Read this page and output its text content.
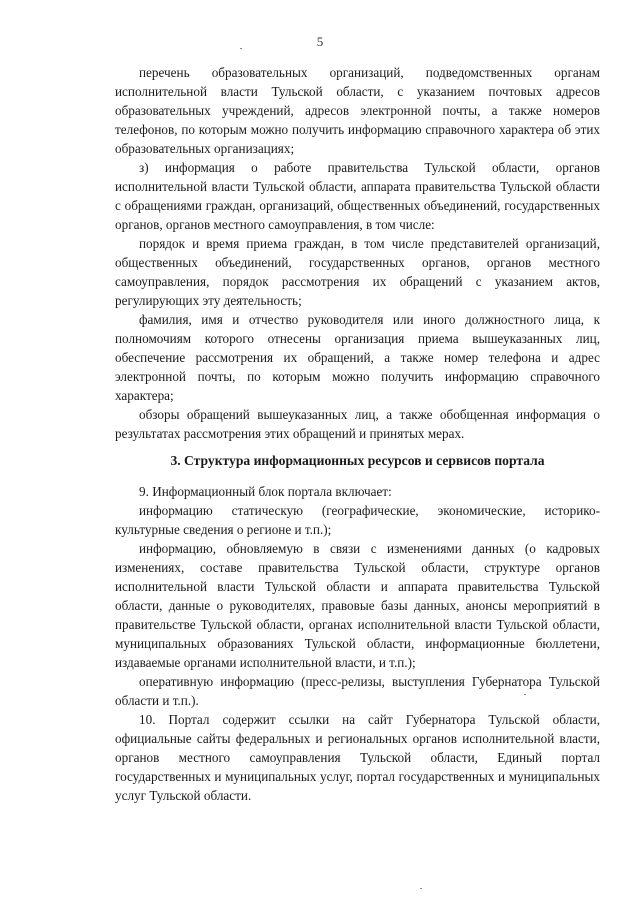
5

перечень образовательных организаций, подведомственных органам исполнительной власти Тульской области, с указанием почтовых адресов образовательных учреждений, адресов электронной почты, а также номеров телефонов, по которым можно получить информацию справочного характера об этих образовательных организациях;

з) информация о работе правительства Тульской области, органов исполнительной власти Тульской области, аппарата правительства Тульской области с обращениями граждан, организаций, общественных объединений, государственных органов, органов местного самоуправления, в том числе:

порядок и время приема граждан, в том числе представителей организаций, общественных объединений, государственных органов, органов местного самоуправления, порядок рассмотрения их обращений с указанием актов, регулирующих эту деятельность;

фамилия, имя и отчество руководителя или иного должностного лица, к полномочиям которого отнесены организация приема вышеуказанных лиц, обеспечение рассмотрения их обращений, а также номер телефона и адрес электронной почты, по которым можно получить информацию справочного характера;

обзоры обращений вышеуказанных лиц, а также обобщенная информация о результатах рассмотрения этих обращений и принятых мерах.

3. Структура информационных ресурсов и сервисов портала

9. Информационный блок портала включает:

информацию статическую (географические, экономические, историко-культурные сведения о регионе и т.п.);

информацию, обновляемую в связи с изменениями данных (о кадровых изменениях, составе правительства Тульской области, структуре органов исполнительной власти Тульской области и аппарата правительства Тульской области, данные о руководителях, правовые базы данных, анонсы мероприятий в правительстве Тульской области, органах исполнительной власти Тульской области, муниципальных образованиях Тульской области, информационные бюллетени, издаваемые органами исполнительной власти, и т.п.);

оперативную информацию (пресс-релизы, выступления Губернатора Тульской области и т.п.).

10. Портал содержит ссылки на сайт Губернатора Тульской области, официальные сайты федеральных и региональных органов исполнительной власти, органов местного самоуправления Тульской области, Единый портал государственных и муниципальных услуг, портал государственных и муниципальных услуг Тульской области.
